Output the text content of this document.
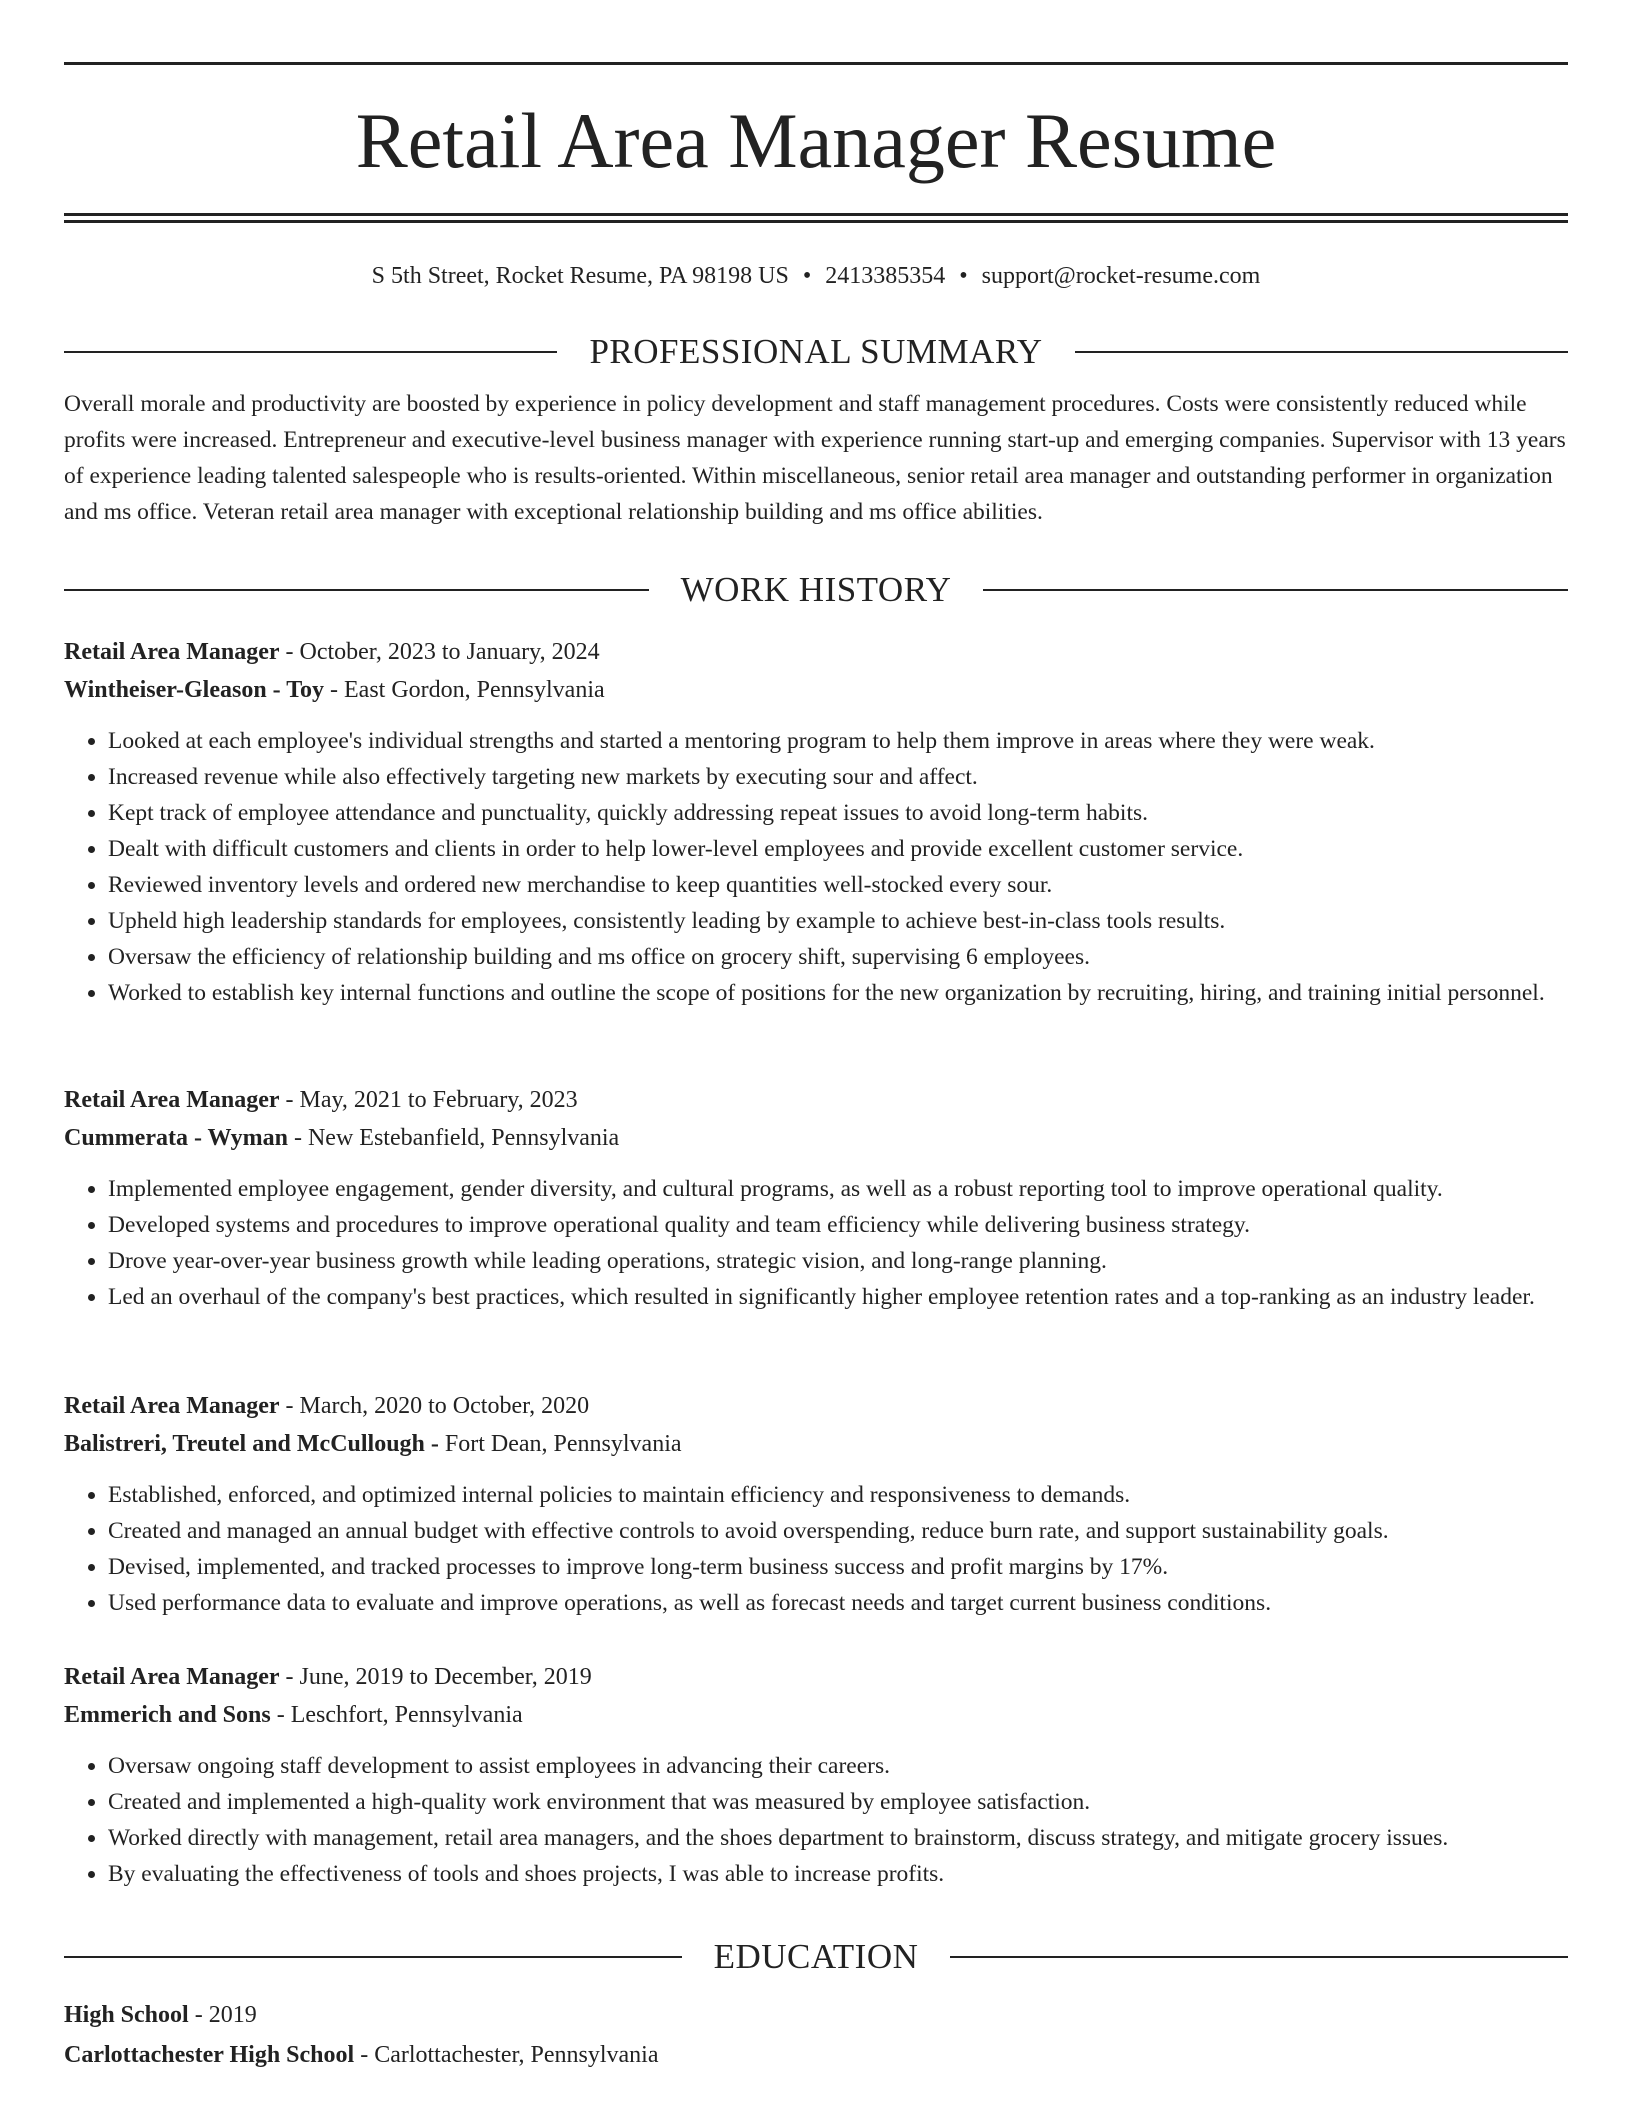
Retail Area Manager Resume
S 5th Street, Rocket Resume, PA 98198 US • 2413385354 • support@rocket-resume.com
PROFESSIONAL SUMMARY
Overall morale and productivity are boosted by experience in policy development and staff management procedures. Costs were consistently reduced while profits were increased. Entrepreneur and executive-level business manager with experience running start-up and emerging companies. Supervisor with 13 years of experience leading talented salespeople who is results-oriented. Within miscellaneous, senior retail area manager and outstanding performer in organization and ms office. Veteran retail area manager with exceptional relationship building and ms office abilities.
WORK HISTORY
Retail Area Manager - October, 2023 to January, 2024
Wintheiser-Gleason - Toy - East Gordon, Pennsylvania
• Looked at each employee's individual strengths and started a mentoring program to help them improve in areas where they were weak.
• Increased revenue while also effectively targeting new markets by executing sour and affect.
• Kept track of employee attendance and punctuality, quickly addressing repeat issues to avoid long-term habits.
• Dealt with difficult customers and clients in order to help lower-level employees and provide excellent customer service.
• Reviewed inventory levels and ordered new merchandise to keep quantities well-stocked every sour.
• Upheld high leadership standards for employees, consistently leading by example to achieve best-in-class tools results.
• Oversaw the efficiency of relationship building and ms office on grocery shift, supervising 6 employees.
• Worked to establish key internal functions and outline the scope of positions for the new organization by recruiting, hiring, and training initial personnel.
Retail Area Manager - May, 2021 to February, 2023
Cummerata - Wyman - New Estebanfield, Pennsylvania
• Implemented employee engagement, gender diversity, and cultural programs, as well as a robust reporting tool to improve operational quality.
• Developed systems and procedures to improve operational quality and team efficiency while delivering business strategy.
• Drove year-over-year business growth while leading operations, strategic vision, and long-range planning.
• Led an overhaul of the company's best practices, which resulted in significantly higher employee retention rates and a top-ranking as an industry leader.
Retail Area Manager - March, 2020 to October, 2020
Balistreri, Treutel and McCullough - Fort Dean, Pennsylvania
• Established, enforced, and optimized internal policies to maintain efficiency and responsiveness to demands.
• Created and managed an annual budget with effective controls to avoid overspending, reduce burn rate, and support sustainability goals.
• Devised, implemented, and tracked processes to improve long-term business success and profit margins by 17%.
• Used performance data to evaluate and improve operations, as well as forecast needs and target current business conditions.
Retail Area Manager - June, 2019 to December, 2019
Emmerich and Sons - Leschfort, Pennsylvania
• Oversaw ongoing staff development to assist employees in advancing their careers.
• Created and implemented a high-quality work environment that was measured by employee satisfaction.
• Worked directly with management, retail area managers, and the shoes department to brainstorm, discuss strategy, and mitigate grocery issues.
• By evaluating the effectiveness of tools and shoes projects, I was able to increase profits.
EDUCATION
High School - 2019
Carlottachester High School - Carlottachester, Pennsylvania
